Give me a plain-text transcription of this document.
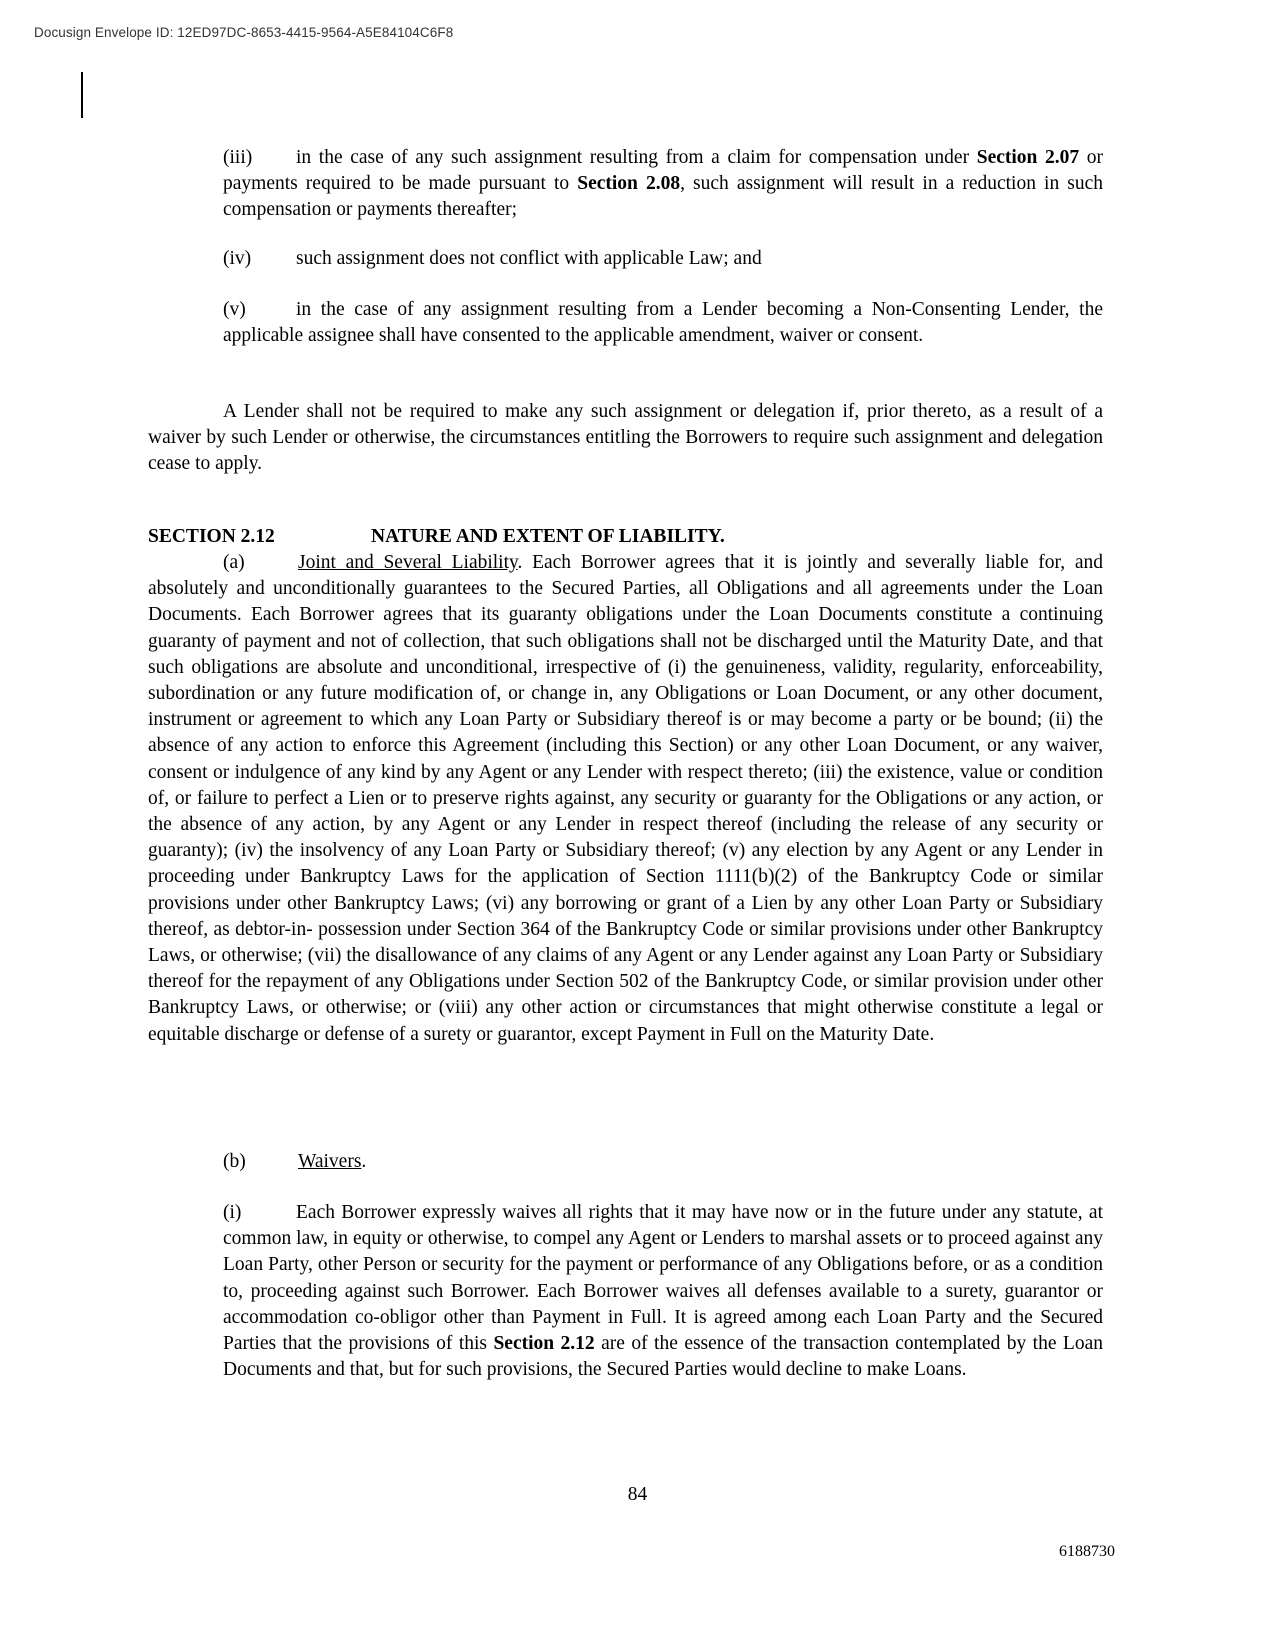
Docusign Envelope ID: 12ED97DC-8653-4415-9564-A5E84104C6F8
(iii) in the case of any such assignment resulting from a claim for compensation under Section 2.07 or payments required to be made pursuant to Section 2.08, such assignment will result in a reduction in such compensation or payments thereafter;
(iv) such assignment does not conflict with applicable Law; and
(v)	in the case of any assignment resulting from a Lender becoming a Non-Consenting Lender, the applicable assignee shall have consented to the applicable amendment, waiver or consent.
A Lender shall not be required to make any such assignment or delegation if, prior thereto, as a result of a waiver by such Lender or otherwise, the circumstances entitling the Borrowers to require such assignment and delegation cease to apply.
SECTION 2.12	NATURE AND EXTENT OF LIABILITY.
(a)	Joint and Several Liability. Each Borrower agrees that it is jointly and severally liable for, and absolutely and unconditionally guarantees to the Secured Parties, all Obligations and all agreements under the Loan Documents. Each Borrower agrees that its guaranty obligations under the Loan Documents constitute a continuing guaranty of payment and not of collection, that such obligations shall not be discharged until the Maturity Date, and that such obligations are absolute and unconditional, irrespective of (i) the genuineness, validity, regularity, enforceability, subordination or any future modification of, or change in, any Obligations or Loan Document, or any other document, instrument or agreement to which any Loan Party or Subsidiary thereof is or may become a party or be bound; (ii) the absence of any action to enforce this Agreement (including this Section) or any other Loan Document, or any waiver, consent or indulgence of any kind by any Agent or any Lender with respect thereto; (iii) the existence, value or condition of, or failure to perfect a Lien or to preserve rights against, any security or guaranty for the Obligations or any action, or the absence of any action, by any Agent or any Lender in respect thereof (including the release of any security or guaranty); (iv) the insolvency of any Loan Party or Subsidiary thereof; (v) any election by any Agent or any Lender in proceeding under Bankruptcy Laws for the application of Section 1111(b)(2) of the Bankruptcy Code or similar provisions under other Bankruptcy Laws; (vi) any borrowing or grant of a Lien by any other Loan Party or Subsidiary thereof, as debtor-in- possession under Section 364 of the Bankruptcy Code or similar provisions under other Bankruptcy Laws, or otherwise; (vii) the disallowance of any claims of any Agent or any Lender against any Loan Party or Subsidiary thereof for the repayment of any Obligations under Section 502 of the Bankruptcy Code, or similar provision under other Bankruptcy Laws, or otherwise; or (viii) any other action or circumstances that might otherwise constitute a legal or equitable discharge or defense of a surety or guarantor, except Payment in Full on the Maturity Date.
(b)	Waivers.
(i)	Each Borrower expressly waives all rights that it may have now or in the future under any statute, at common law, in equity or otherwise, to compel any Agent or Lenders to marshal assets or to proceed against any Loan Party, other Person or security for the payment or performance of any Obligations before, or as a condition to, proceeding against such Borrower. Each Borrower waives all defenses available to a surety, guarantor or accommodation co-obligor other than Payment in Full. It is agreed among each Loan Party and the Secured Parties that the provisions of this Section 2.12 are of the essence of the transaction contemplated by the Loan Documents and that, but for such provisions, the Secured Parties would decline to make Loans.
84
6188730
